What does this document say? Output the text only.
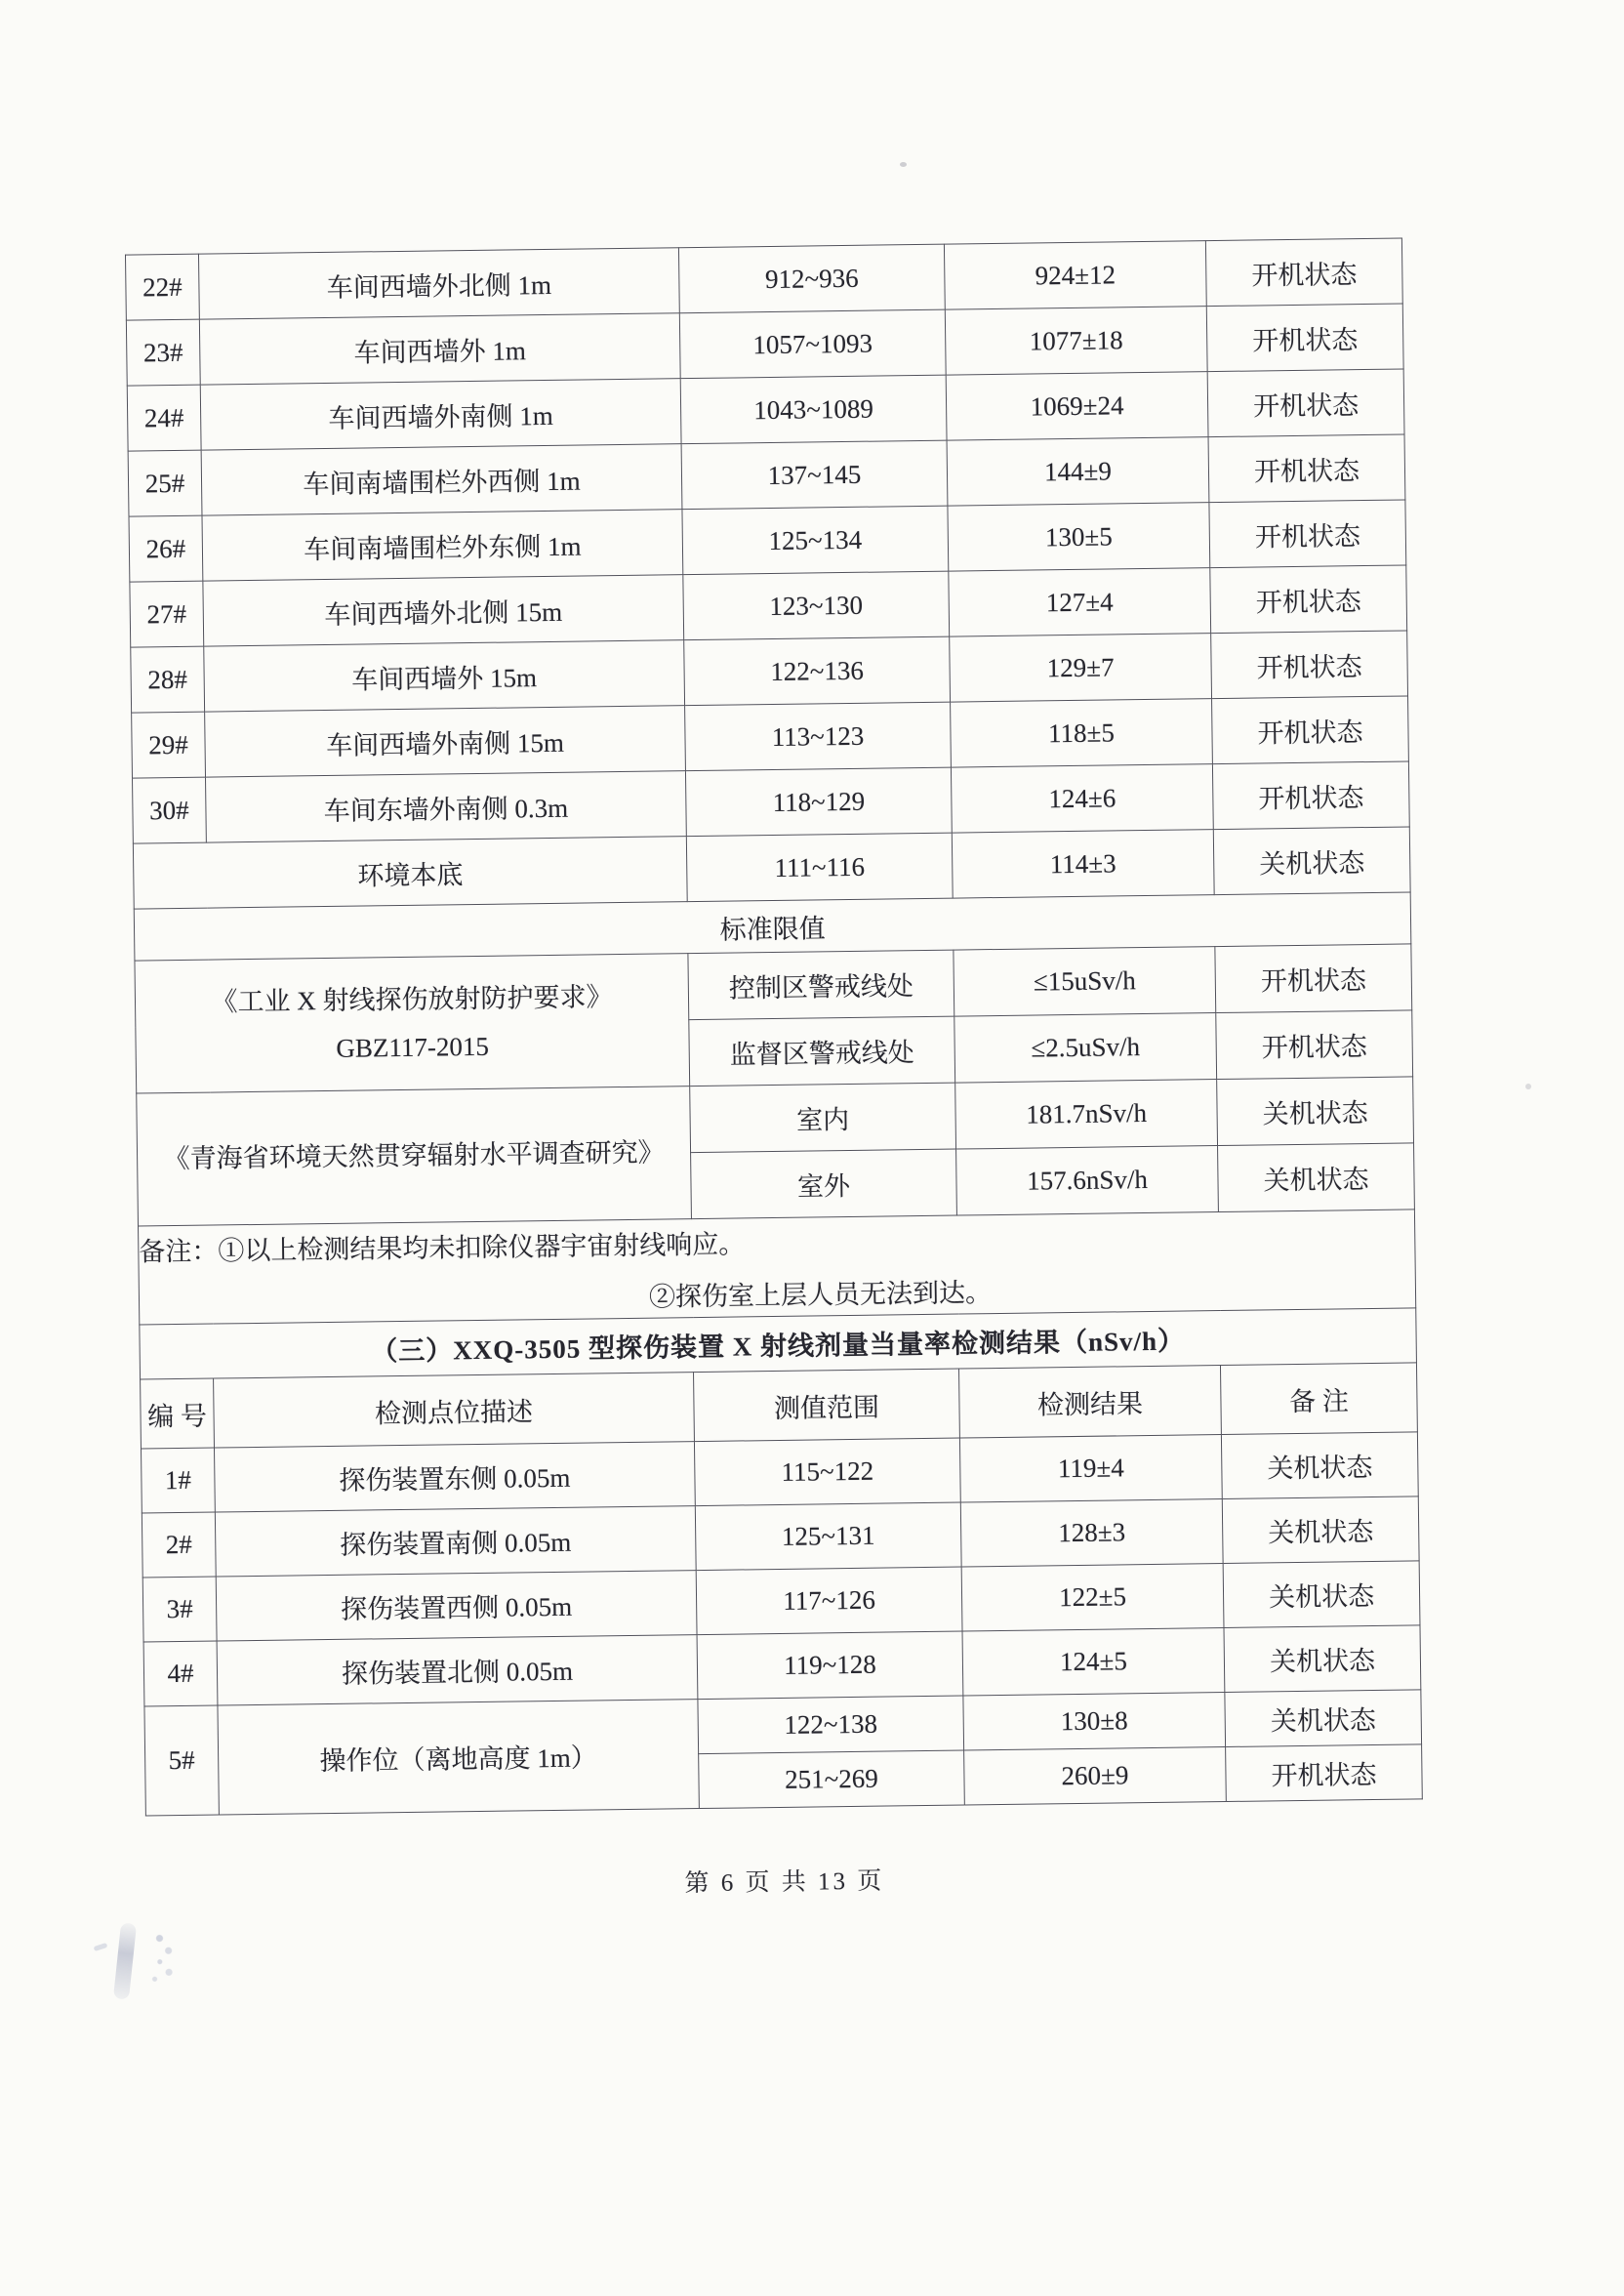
22#	车间西墙外北侧 1m	912~936	924±12	开机状态
23#	车间西墙外 1m	1057~1093	1077±18	开机状态
24#	车间西墙外南侧 1m	1043~1089	1069±24	开机状态
25#	车间南墙围栏外西侧 1m	137~145	144±9	开机状态
26#	车间南墙围栏外东侧 1m	125~134	130±5	开机状态
27#	车间西墙外北侧 15m	123~130	127±4	开机状态
28#	车间西墙外 15m	122~136	129±7	开机状态
29#	车间西墙外南侧 15m	113~123	118±5	开机状态
30#	车间东墙外南侧 0.3m	118~129	124±6	开机状态
环境本底		111~116	114±3	关机状态
标准限值				

《工业 X 射线探伤放射防护要求》
GBZ117-2015		控制区警戒线处	≤15uSv/h	开机状态
		监督区警戒线处	≤2.5uSv/h	开机状态

《青海省环境天然贯穿辐射水平调查研究》		室内	181.7nSv/h	关机状态
		室外	157.6nSv/h	关机状态

备注： ①以上检测结果均未扣除仪器宇宙射线响应。
②探伤室上层人员无法到达。				

（三）XXQ-3505 型探伤装置 X 射线剂量当量率检测结果（nSv/h）				
编 号	检测点位描述	测值范围	检测结果	备 注
1#	探伤装置东侧 0.05m	115~122	119±4	关机状态
2#	探伤装置南侧 0.05m	125~131	128±3	关机状态
3#	探伤装置西侧 0.05m	117~126	122±5	关机状态
4#	探伤装置北侧 0.05m	119~128	124±5	关机状态
5#	操作位（离地高度 1m）	122~138	130±8	关机状态
		251~269	260±9	开机状态
第 6 页 共 13 页
